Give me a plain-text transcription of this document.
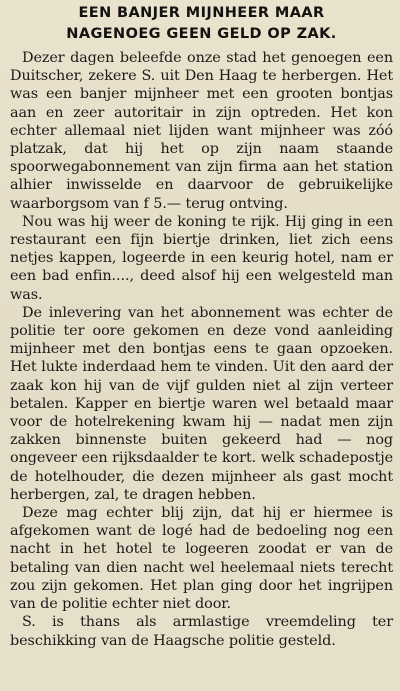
EEN BANJER MIJNHEER MAAR
NAGENOEG GEEN GELD OP ZAK.

Dezer dagen beleefde onze stad het genoegen een Duitscher, zekere S. uit Den Haag te herbergen. Het was een banjer mijnheer met een grooten bontjas aan en zeer autoritair in zijn optreden. Het kon echter allemaal niet lijden want mijnheer was zóó platzak, dat hij het op zijn naam staande spoorwegabonnement van zijn firma aan het station alhier inwisselde en daarvoor de gebruikelijke waarborgsom van f 5.— terug ontving.

Nou was hij weer de koning te rijk. Hij ging in een restaurant een fijn biertje drinken, liet zich eens netjes kappen, logeerde in een keurig hotel, nam er een bad enfin...., deed alsof hij een welgesteld man was.

De inlevering van het abonnement was echter de politie ter oore gekomen en deze vond aanleiding mijnheer met den bontjas eens te gaan opzoeken. Het lukte inderdaad hem te vinden. Uit den aard der zaak kon hij van de vijf gulden niet al zijn verteer betalen. Kapper en biertje waren wel betaald maar voor de hotelrekening kwam hij — nadat men zijn zakken binnenste buiten gekeerd had — nog ongeveer een rijksdaalder te kort. welk schadepostje de hotelhouder, die dezen mijnheer als gast mocht herbergen, zal, te dragen hebben.

Deze mag echter blij zijn, dat hij er hiermee is afgekomen want de logé had de bedoeling nog een nacht in het hotel te logeeren zoodat er van de betaling van dien nacht wel heelemaal niets terecht zou zijn gekomen. Het plan ging door het ingrijpen van de politie echter niet door.

S. is thans als armlastige vreemdeling ter beschikking van de Haagsche politie gesteld.
